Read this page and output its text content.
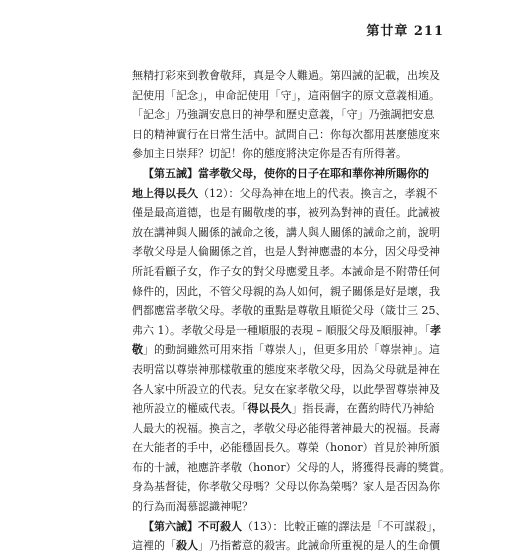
第廿章 211
無精打彩來到教會敬拜，真是令人難過。第四誡的記載，出埃及
記使用「記念」，申命記使用「守」，這兩個字的原文意義相通。
「記念」乃強調安息日的神學和歷史意義，「守」乃強調把安息
日的精神實行在日常生活中。試問自己：你每次都用甚麼態度來
參加主日崇拜？切記！你的態度將決定你是否有所得著。
【第五誡】當孝敬父母，使你的日子在耶和華你神所賜你的
地上得以長久（12）：父母為神在地上的代表。換言之，孝親不
僅是最高道德，也是有關敬虔的事，被列為對神的責任。此誡被
放在講神與人關係的誡命之後，講人與人關係的誡命之前，說明
孝敬父母是人倫關係之首，也是人對神應盡的本分，因父母受神
所託看顧子女，作子女的對父母應愛且孝。本誡命是不附帶任何
條件的，因此，不管父母親的為人如何，親子關係是好是壞，我
們都應當孝敬父母。孝敬的重點是尊敬且順從父母（箴廿三 25、
弗六 1）。孝敬父母是一種順服的表現 – 順服父母及順服神。「孝
敬」的動詞雖然可用來指「尊崇人」，但更多用於「尊崇神」。這
表明當以尊崇神那樣敬重的態度來孝敬父母，因為父母就是神在
各人家中所設立的代表。兒女在家孝敬父母，以此學習尊崇神及
祂所設立的權威代表。「得以長久」指長壽，在舊約時代乃神給
人最大的祝福。換言之，孝敬父母必能得著神最大的祝福。長壽
在大能者的手中，必能穩固長久。尊榮（honor）首見於神所頒
布的十誡，祂應許孝敬（honor）父母的人，將獲得長壽的獎賞。
身為基督徒，你孝敬父母嗎？父母以你為榮嗎？家人是否因為你
的行為而渴慕認識神呢？
【第六誡】不可殺人（13）：比較正確的譯法是「不可謀殺」，
這裡的「殺人」乃指蓄意的殺害。此誡命所重視的是人的生命價
